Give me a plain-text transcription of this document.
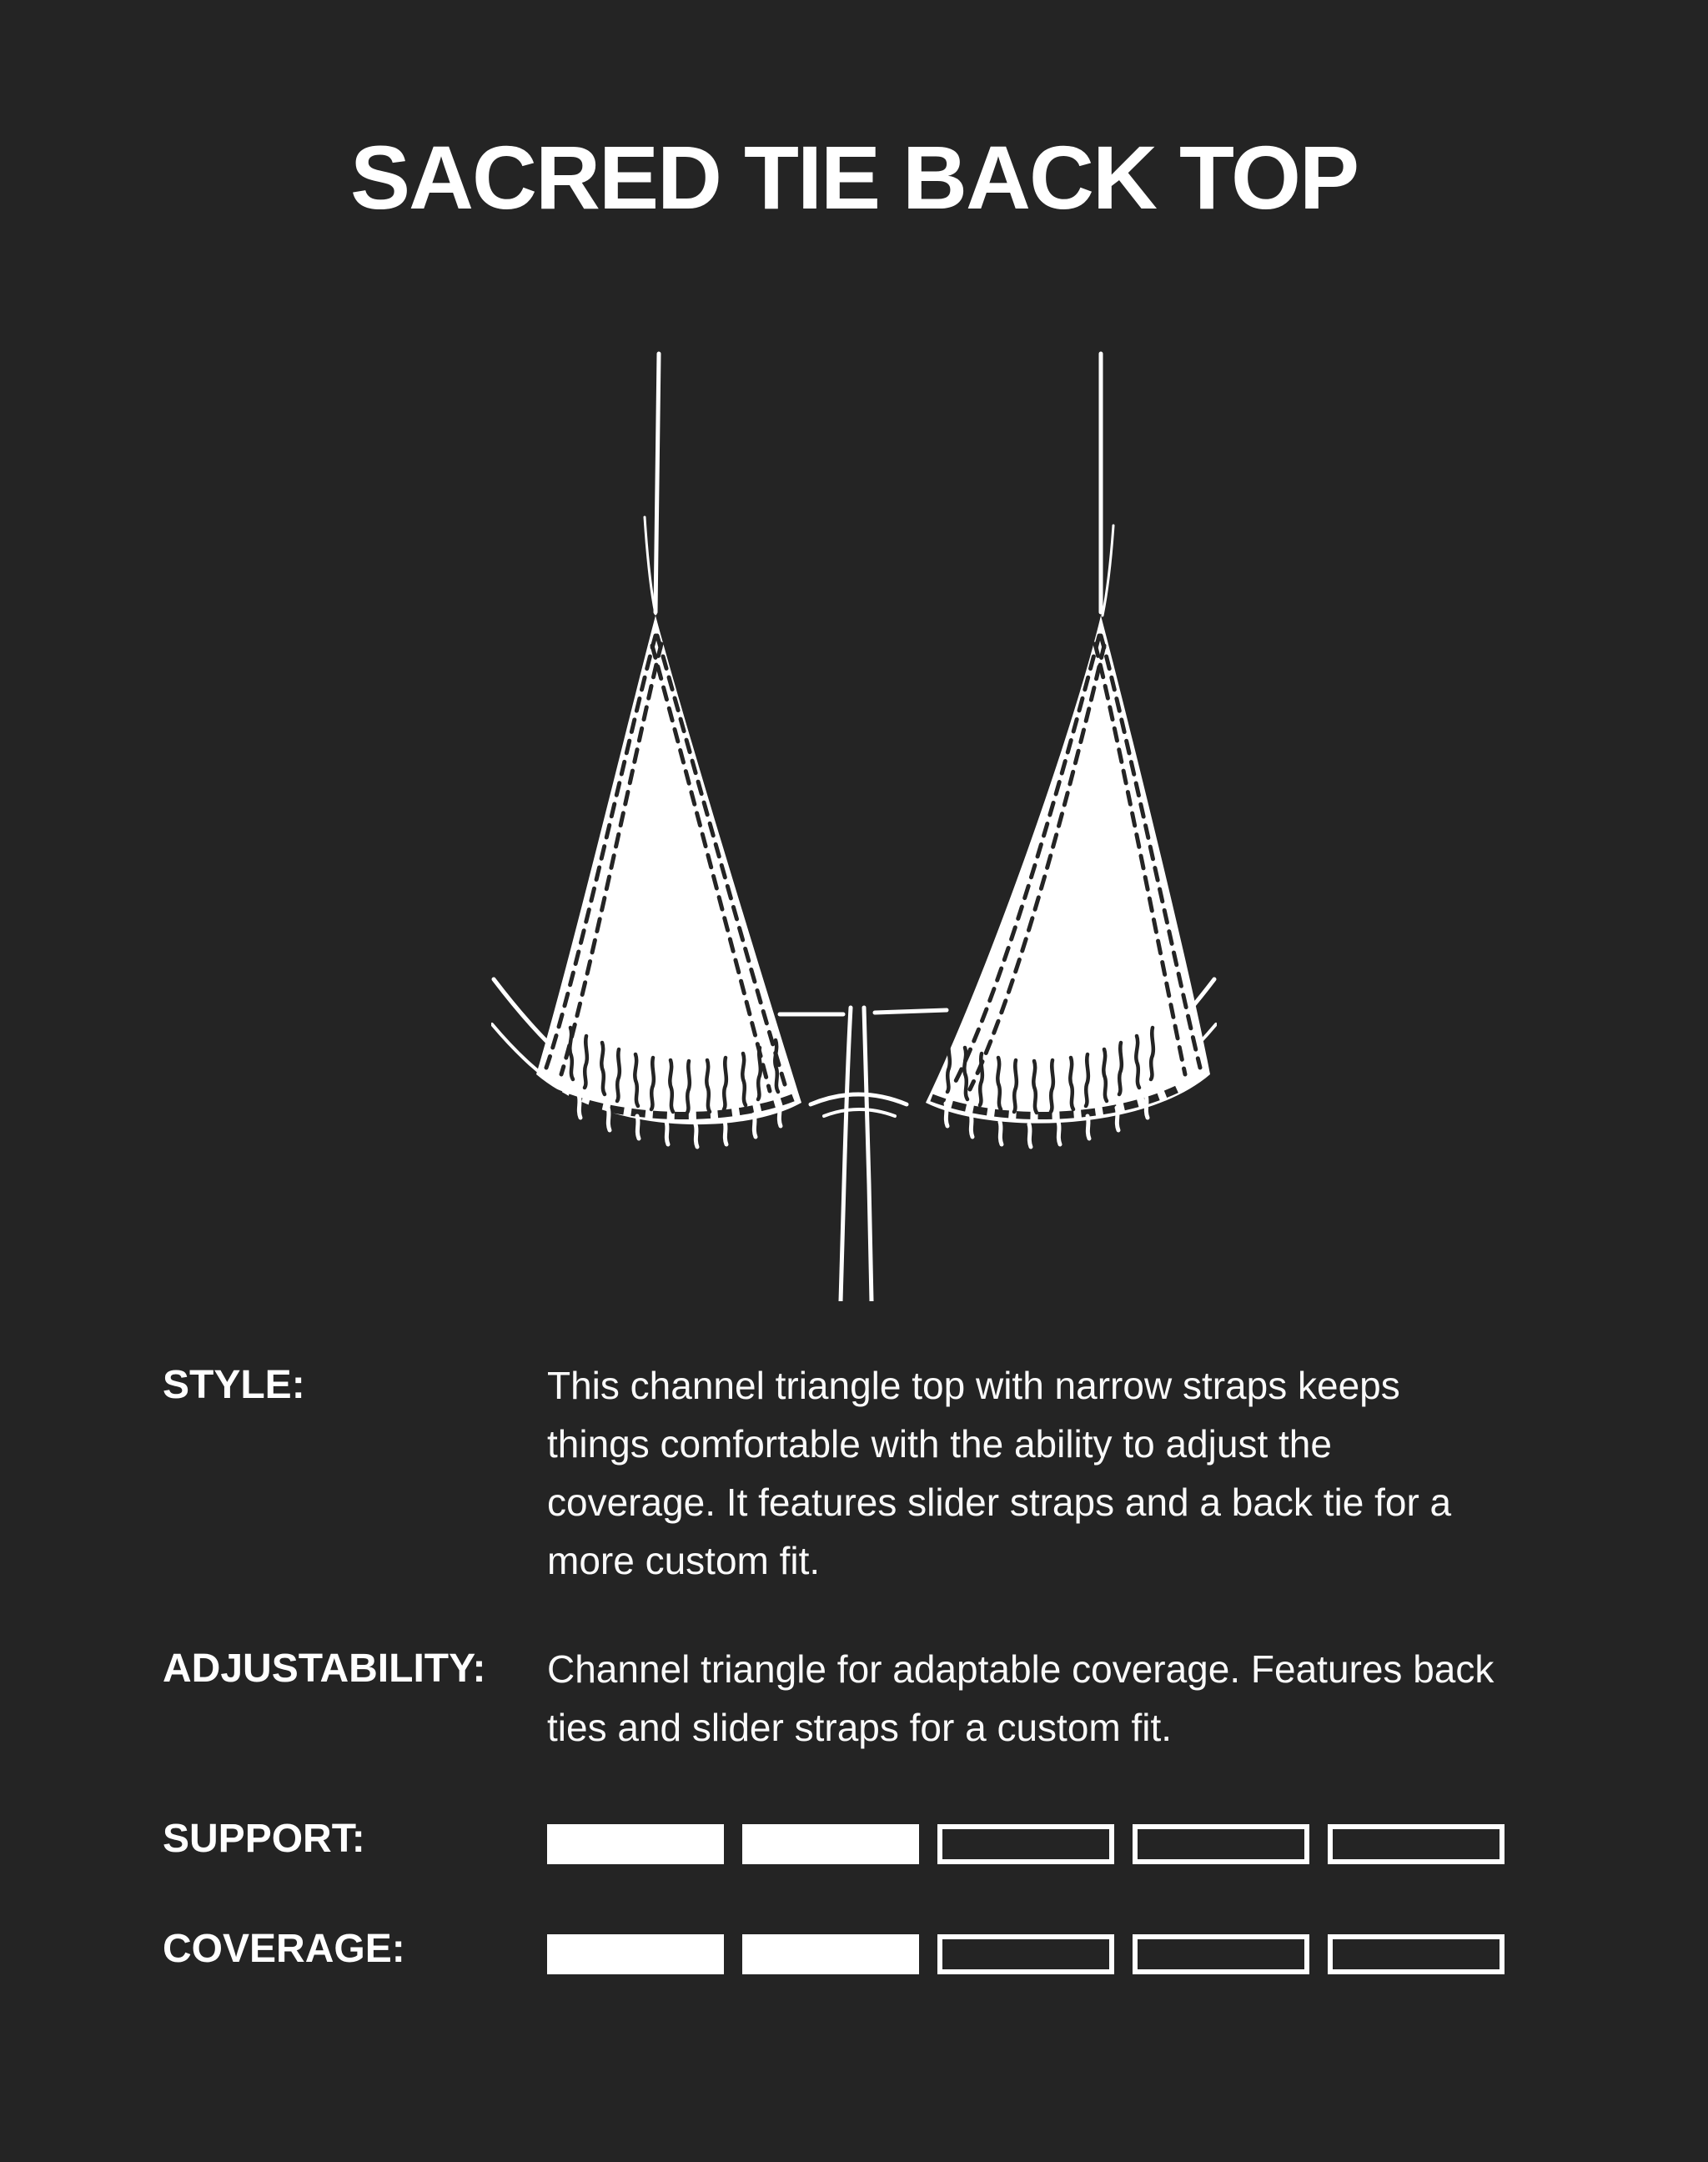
SACRED TIE BACK TOP
STYLE:	This channel triangle top with narrow straps keeps things comfortable with the ability to adjust the coverage. It features slider straps and a back tie for a more custom fit.
ADJUSTABILITY: Channel triangle for adaptable coverage. Features back ties and slider straps for a custom fit.
SUPPORT:
COVERAGE:
